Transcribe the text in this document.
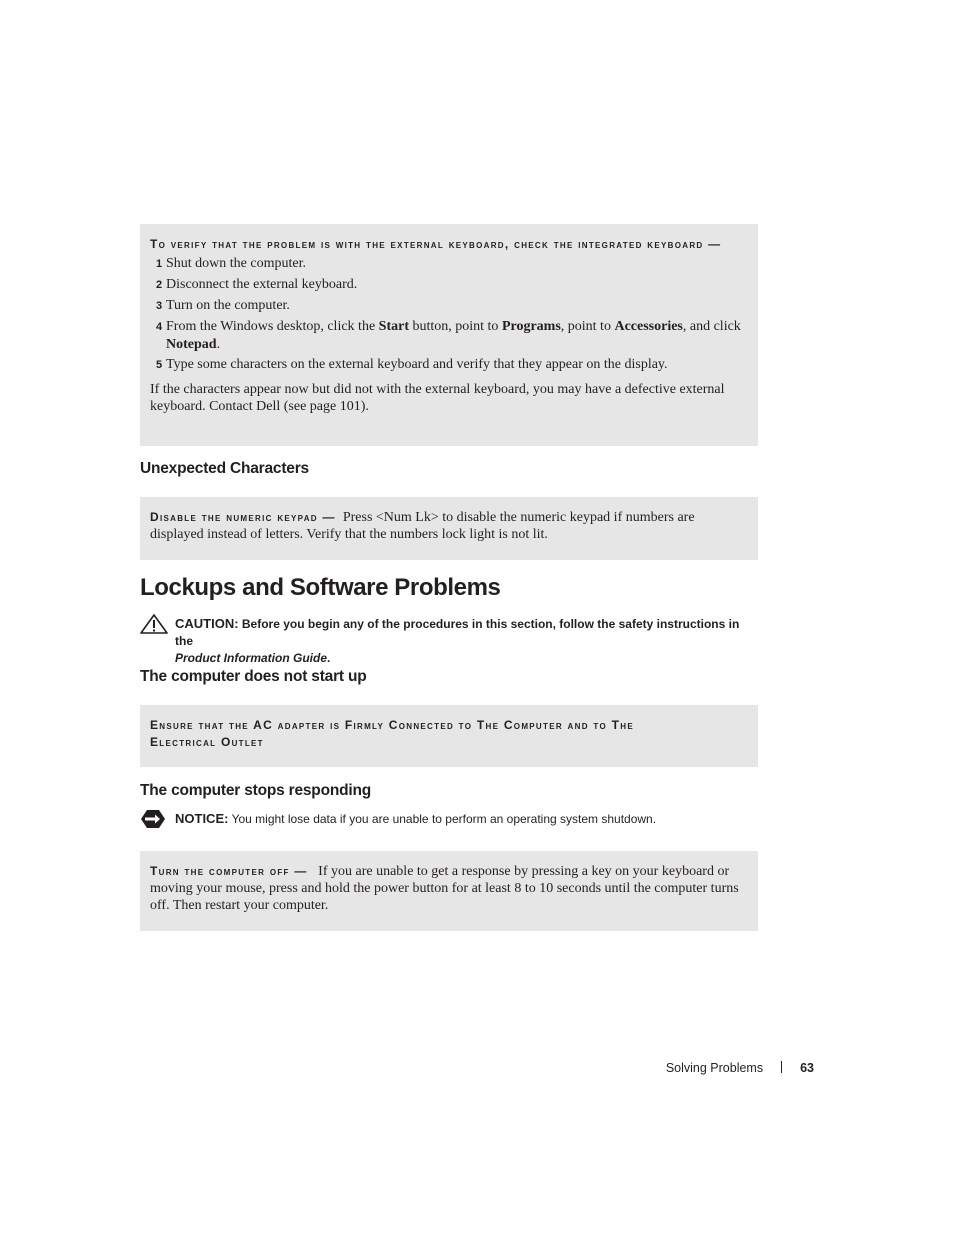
To verify that the problem is with the external keyboard, check the integrated keyboard —

1 Shut down the computer.

2 Disconnect the external keyboard.

3 Turn on the computer.

4 From the Windows desktop, click the Start button, point to Programs, point to Accessories, and click Notepad.

5 Type some characters on the external keyboard and verify that they appear on the display.

If the characters appear now but did not with the external keyboard, you may have a defective external keyboard. Contact Dell (see page 101).
Unexpected Characters
Disable the numeric keypad — Press <Num Lk> to disable the numeric keypad if numbers are displayed instead of letters. Verify that the numbers lock light is not lit.
Lockups and Software Problems
CAUTION: Before you begin any of the procedures in this section, follow the safety instructions in the
Product Information Guide.
The computer does not start up
Ensure that the AC adapter is Firmly Connected to The Computer and to The Electrical Outlet
The computer stops responding
NOTICE: You might lose data if you are unable to perform an operating system shutdown.
Turn the computer off — If you are unable to get a response by pressing a key on your keyboard or moving your mouse, press and hold the power button for at least 8 to 10 seconds until the computer turns off. Then restart your computer.
Solving Problems	63
